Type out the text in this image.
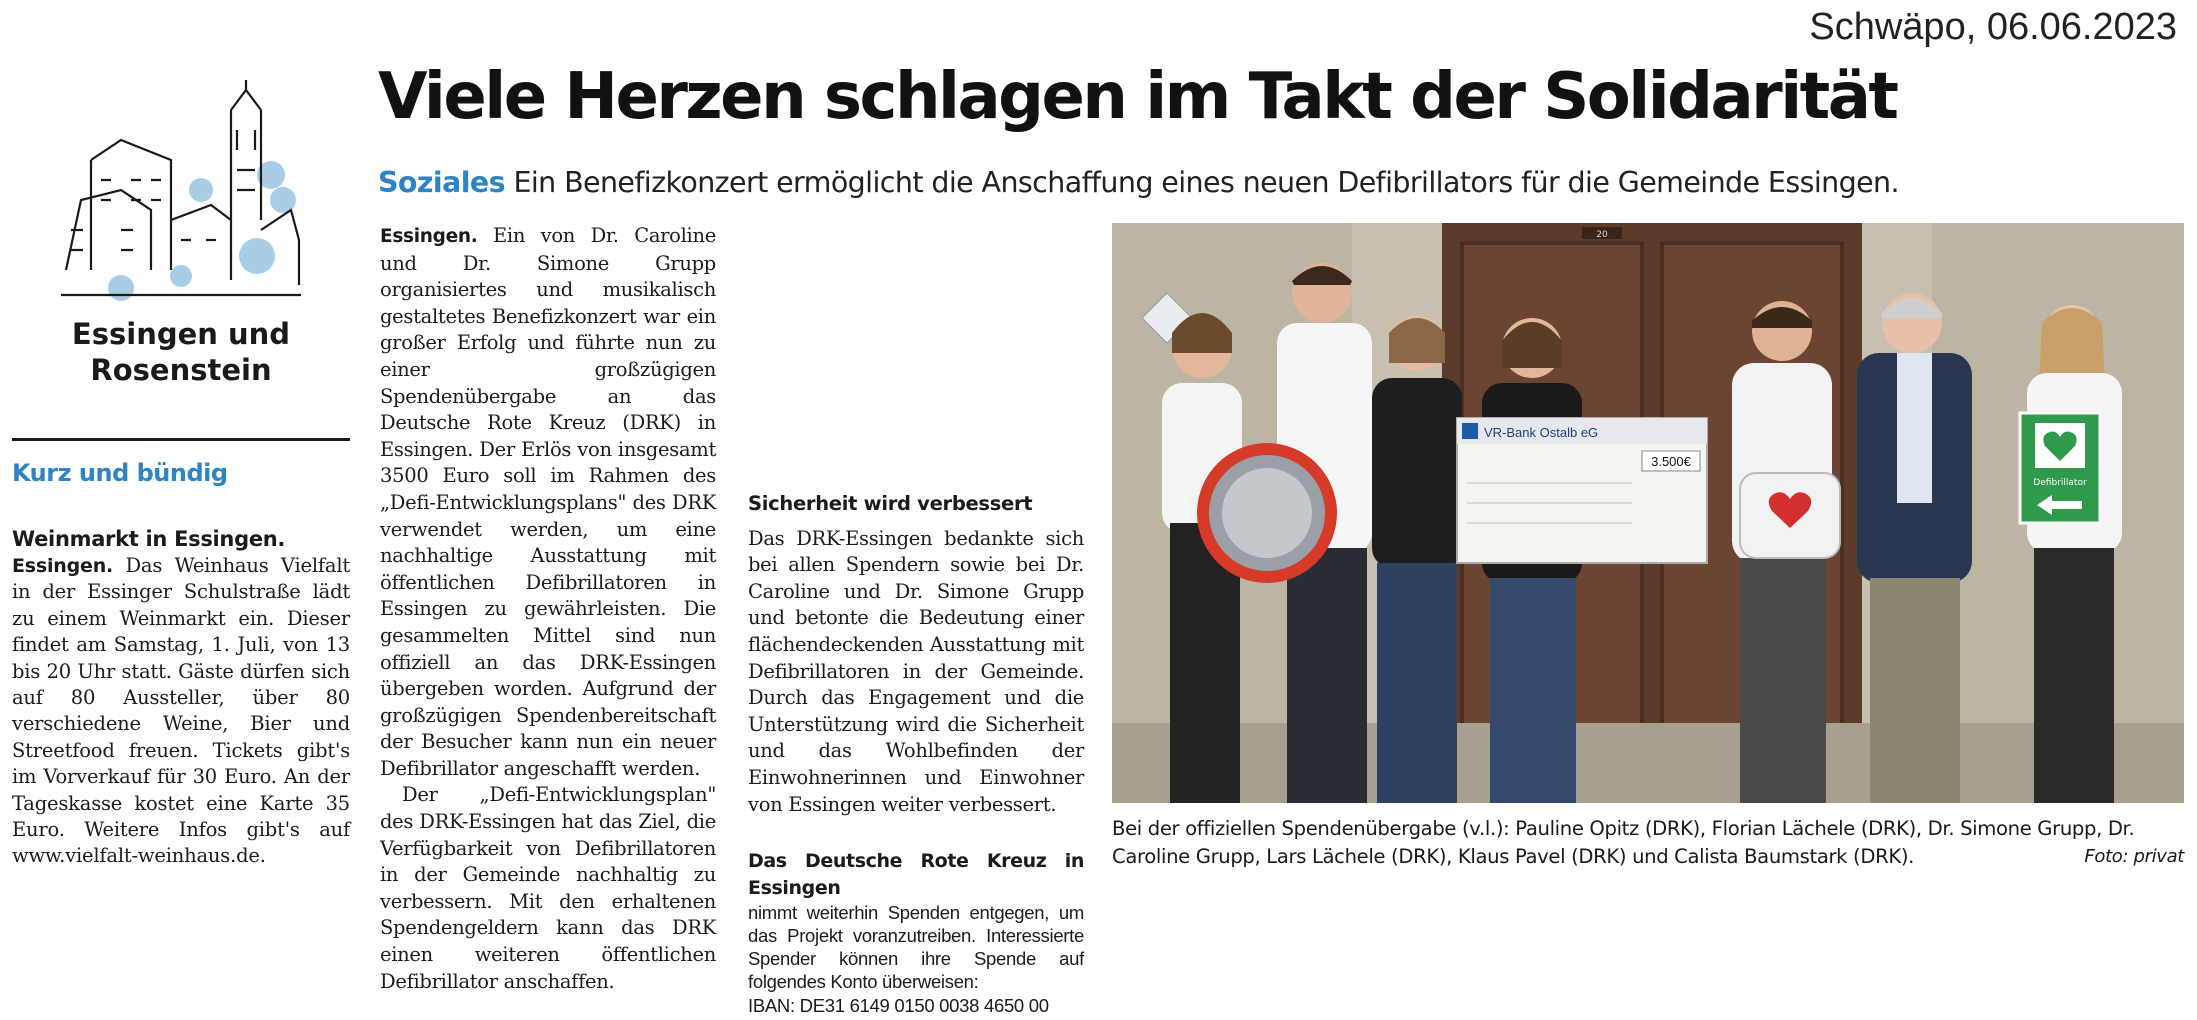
Schwäpo, 06.06.2023
Essingen und
Rosenstein
Kurz und bündig
Weinmarkt in Essingen.

Essingen. Das Weinhaus Vielfalt in der Essinger Schulstraße lädt zu einem Weinmarkt ein. Dieser findet am Samstag, 1. Juli, von 13 bis 20 Uhr statt. Gäste dürfen sich auf 80 Aussteller, über 80 verschiedene Weine, Bier und Streetfood freuen. Tickets gibt's im Vorverkauf für 30 Euro. An der Tageskasse kostet eine Karte 35 Euro. Weitere Infos gibt's auf www.vielfalt-weinhaus.de.

Viele Herzen schlagen im Takt der Solidarität
Soziales Ein Benefizkonzert ermöglicht die Anschaffung eines neuen Defibrillators für die Gemeinde Essingen.

Essingen. Ein von Dr. Caroline und Dr. Simone Grupp organisiertes und musikalisch gestaltetes Benefizkonzert war ein großer Erfolg und führte nun zu einer großzügigen Spendenübergabe an das Deutsche Rote Kreuz (DRK) in Essingen. Der Erlös von insgesamt 3500 Euro soll im Rahmen des „Defi-Entwicklungsplans" des DRK verwendet werden, um eine nachhaltige Ausstattung mit öffentlichen Defibrillatoren in Essingen zu gewährleisten. Die gesammelten Mittel sind nun offiziell an das DRK-Essingen übergeben worden. Aufgrund der großzügigen Spendenbereitschaft der Besucher kann nun ein neuer Defibrillator angeschafft werden.

Der „Defi-Entwicklungsplan" des DRK-Essingen hat das Ziel, die Verfügbarkeit von Defibrillatoren in der Gemeinde nachhaltig zu verbessern. Mit den erhaltenen Spendengeldern kann das DRK einen weiteren öffentlichen Defibrillator anschaffen.

Sicherheit wird verbessert

Das DRK-Essingen bedankte sich bei allen Spendern sowie bei Dr. Caroline und Dr. Simone Grupp und betonte die Bedeutung einer flächendeckenden Ausstattung mit Defibrillatoren in der Gemeinde. Durch das Engagement und die Unterstützung wird die Sicherheit und das Wohlbefinden der Einwohnerinnen und Einwohner von Essingen weiter verbessert.

Das Deutsche Rote Kreuz in Essingen
nimmt weiterhin Spenden entgegen, um das Projekt voranzutreiben. Interessierte Spender können ihre Spende auf folgendes Konto überweisen:
IBAN: DE31 6149 0150 0038 4650 00
20
VR-Bank Ostalb eG
3.500€
Defibrillator
Bei der offiziellen Spendenübergabe (v.l.): Pauline Opitz (DRK), Florian Lächele (DRK), Dr. Simone Grupp, Dr. Caroline Grupp, Lars Lächele (DRK), Klaus Pavel (DRK) und Calista Baumstark (DRK).	Foto: privat
